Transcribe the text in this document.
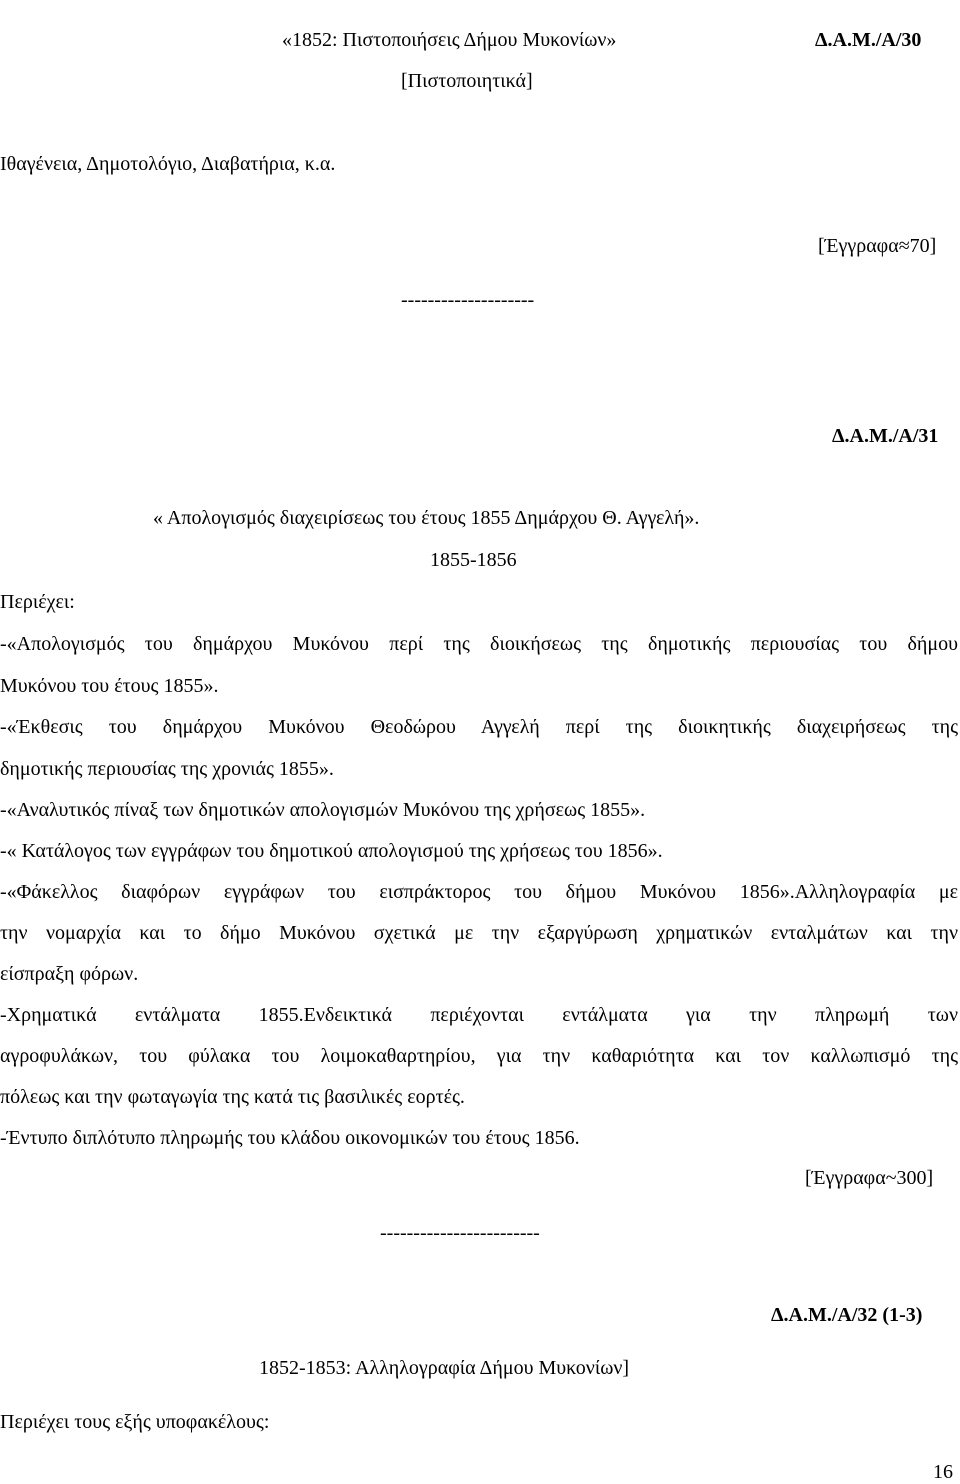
«1852: Πιστοποιήσεις Δήμου Μυκονίων»	Δ.Α.Μ./Α/30
[Πιστοποιητικά]
Ιθαγένεια, Δημοτολόγιο, Διαβατήρια, κ.α.
[Έγγραφα≈70]
--------------------
Δ.Α.Μ./Α/31
« Απολογισμός διαχειρίσεως του έτους 1855 Δημάρχου Θ. Αγγελή».
1855-1856
Περιέχει:
-«Απολογισμός του δημάρχου Μυκόνου περί της διοικήσεως της δημοτικής περιουσίας του δήμου
Μυκόνου του έτους 1855».
-«Έκθεσις του δημάρχου Μυκόνου Θεοδώρου Αγγελή περί της διοικητικής διαχειρήσεως της
δημοτικής περιουσίας της χρονιάς 1855».
-«Αναλυτικός πίναξ των δημοτικών απολογισμών Μυκόνου της χρήσεως 1855».
-« Κατάλογος των εγγράφων του δημοτικού απολογισμού της χρήσεως του 1856».
-«Φάκελλος διαφόρων εγγράφων του εισπράκτορος του δήμου Μυκόνου 1856».Αλληλογραφία με
την νομαρχία και το δήμο Μυκόνου σχετικά με την εξαργύρωση χρηματικών ενταλμάτων και την
είσπραξη φόρων.
-Χρηματικά εντάλματα 1855.Ενδεικτικά περιέχονται εντάλματα για την πληρωμή των
αγροφυλάκων, του φύλακα του λοιμοκαθαρτηρίου, για την καθαριότητα και τον καλλωπισμό της
πόλεως και την φωταγωγία της κατά τις βασιλικές εορτές.
-Έντυπο διπλότυπο πληρωμής του κλάδου οικονομικών του έτους 1856.
[Έγγραφα~300]
------------------------
Δ.Α.Μ./Α/32 (1-3)
1852-1853: Αλληλογραφία Δήμου Μυκονίων]
Περιέχει τους εξής υποφακέλους:
16
